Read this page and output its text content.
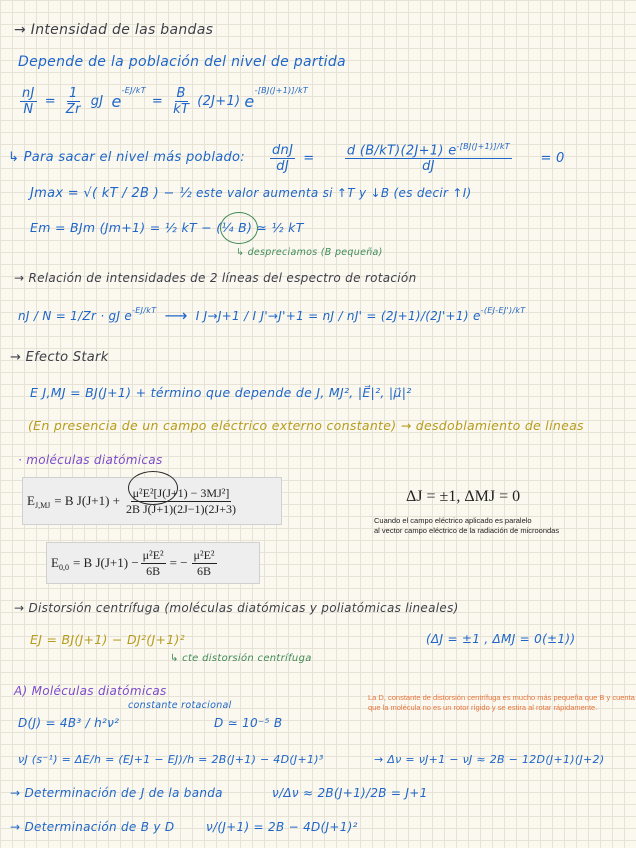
→ Intensidad de las bandas
Depende de la población del nivel de partida
$\frac{nJ}{N} = \frac{1}{Zr}$ gJ e
-EJ/kT
= $\frac{B}{kT} (2J+1)$ e
-[BJ(J+1)]/kT
↳ Para sacar el nivel más poblado: $\frac{\text{dnJ}}{dJ} = \frac{d (B/kT)(2J+1) e^{-[BJ(J+1)]/kT}}{dJ} = 0$
Jmax = √( kT / 2B ) − ½ este valor aumenta si ↑T y ↓B (es decir ↑I)
Em = BJm (Jm+1) = ½ kT − (¼ B) ≃ ½ kT
↳ despreciamos (B pequeña)
→ Relación de intensidades de 2 líneas del espectro de rotación
nJ / N = 1/Zr · gJ e -EJ/kT ⟶ I J→J+1 / I J'→J'+1 = nJ / nJ' = (2J+1)/(2J'+1) e -(EJ-EJ')/kT
→ Efecto Stark
E J,MJ = BJ(J+1) + término que depende de J, MJ², |E⃗|², |μ⃗|²
(En presencia de un campo eléctrico externo constante) → desdoblamiento de líneas
· moléculas diatómicas
E J,MJ = B $J(J+1) + \frac{\text{μ²E²[J(J+1) − 3MJ²]}}{\text{2B J(J+1)(2J−1)(2J+3)}}$	ΔJ = ±1, ΔMJ = 0
Cuando el campo eléctrico aplicado es paralelo
al vector campo eléctrico de la radiación de microondas
E 0,0 = B $J(J+1) - \frac{\text{μ²E²}}{6B}$ = − $\frac{\text{μ²E²}}{6B}$
→ Distorsión centrífuga (moléculas diatómicas y poliatómicas lineales)
EJ = BJ(J+1) − DJ²(J+1)²	(ΔJ = ±1 , ΔMJ = 0(±1))
↳ cte distorsión centrífuga
A) Moléculas diatómicas
constante rotacional
D(J) = 4B³ / h²ν²	D ≃ 10⁻⁵ B
La D, constante de distorsión centrífuga es mucho más pequeña que B y cuenta que la molécula no es un rotor rígido y se estira al rotar rápidamente.
νJ (s⁻¹) = ΔE/h = (EJ+1 − EJ)/h = 2B(J+1) − 4D(J+1)³	→ Δν = νJ+1 − νJ ≈ 2B − 12D(J+1)(J+2)
→ Determinación de J de la banda	ν/Δν ≈ 2B(J+1)/2B = J+1
→ Determinación de B y D	ν/(J+1) = 2B − 4D(J+1)²
